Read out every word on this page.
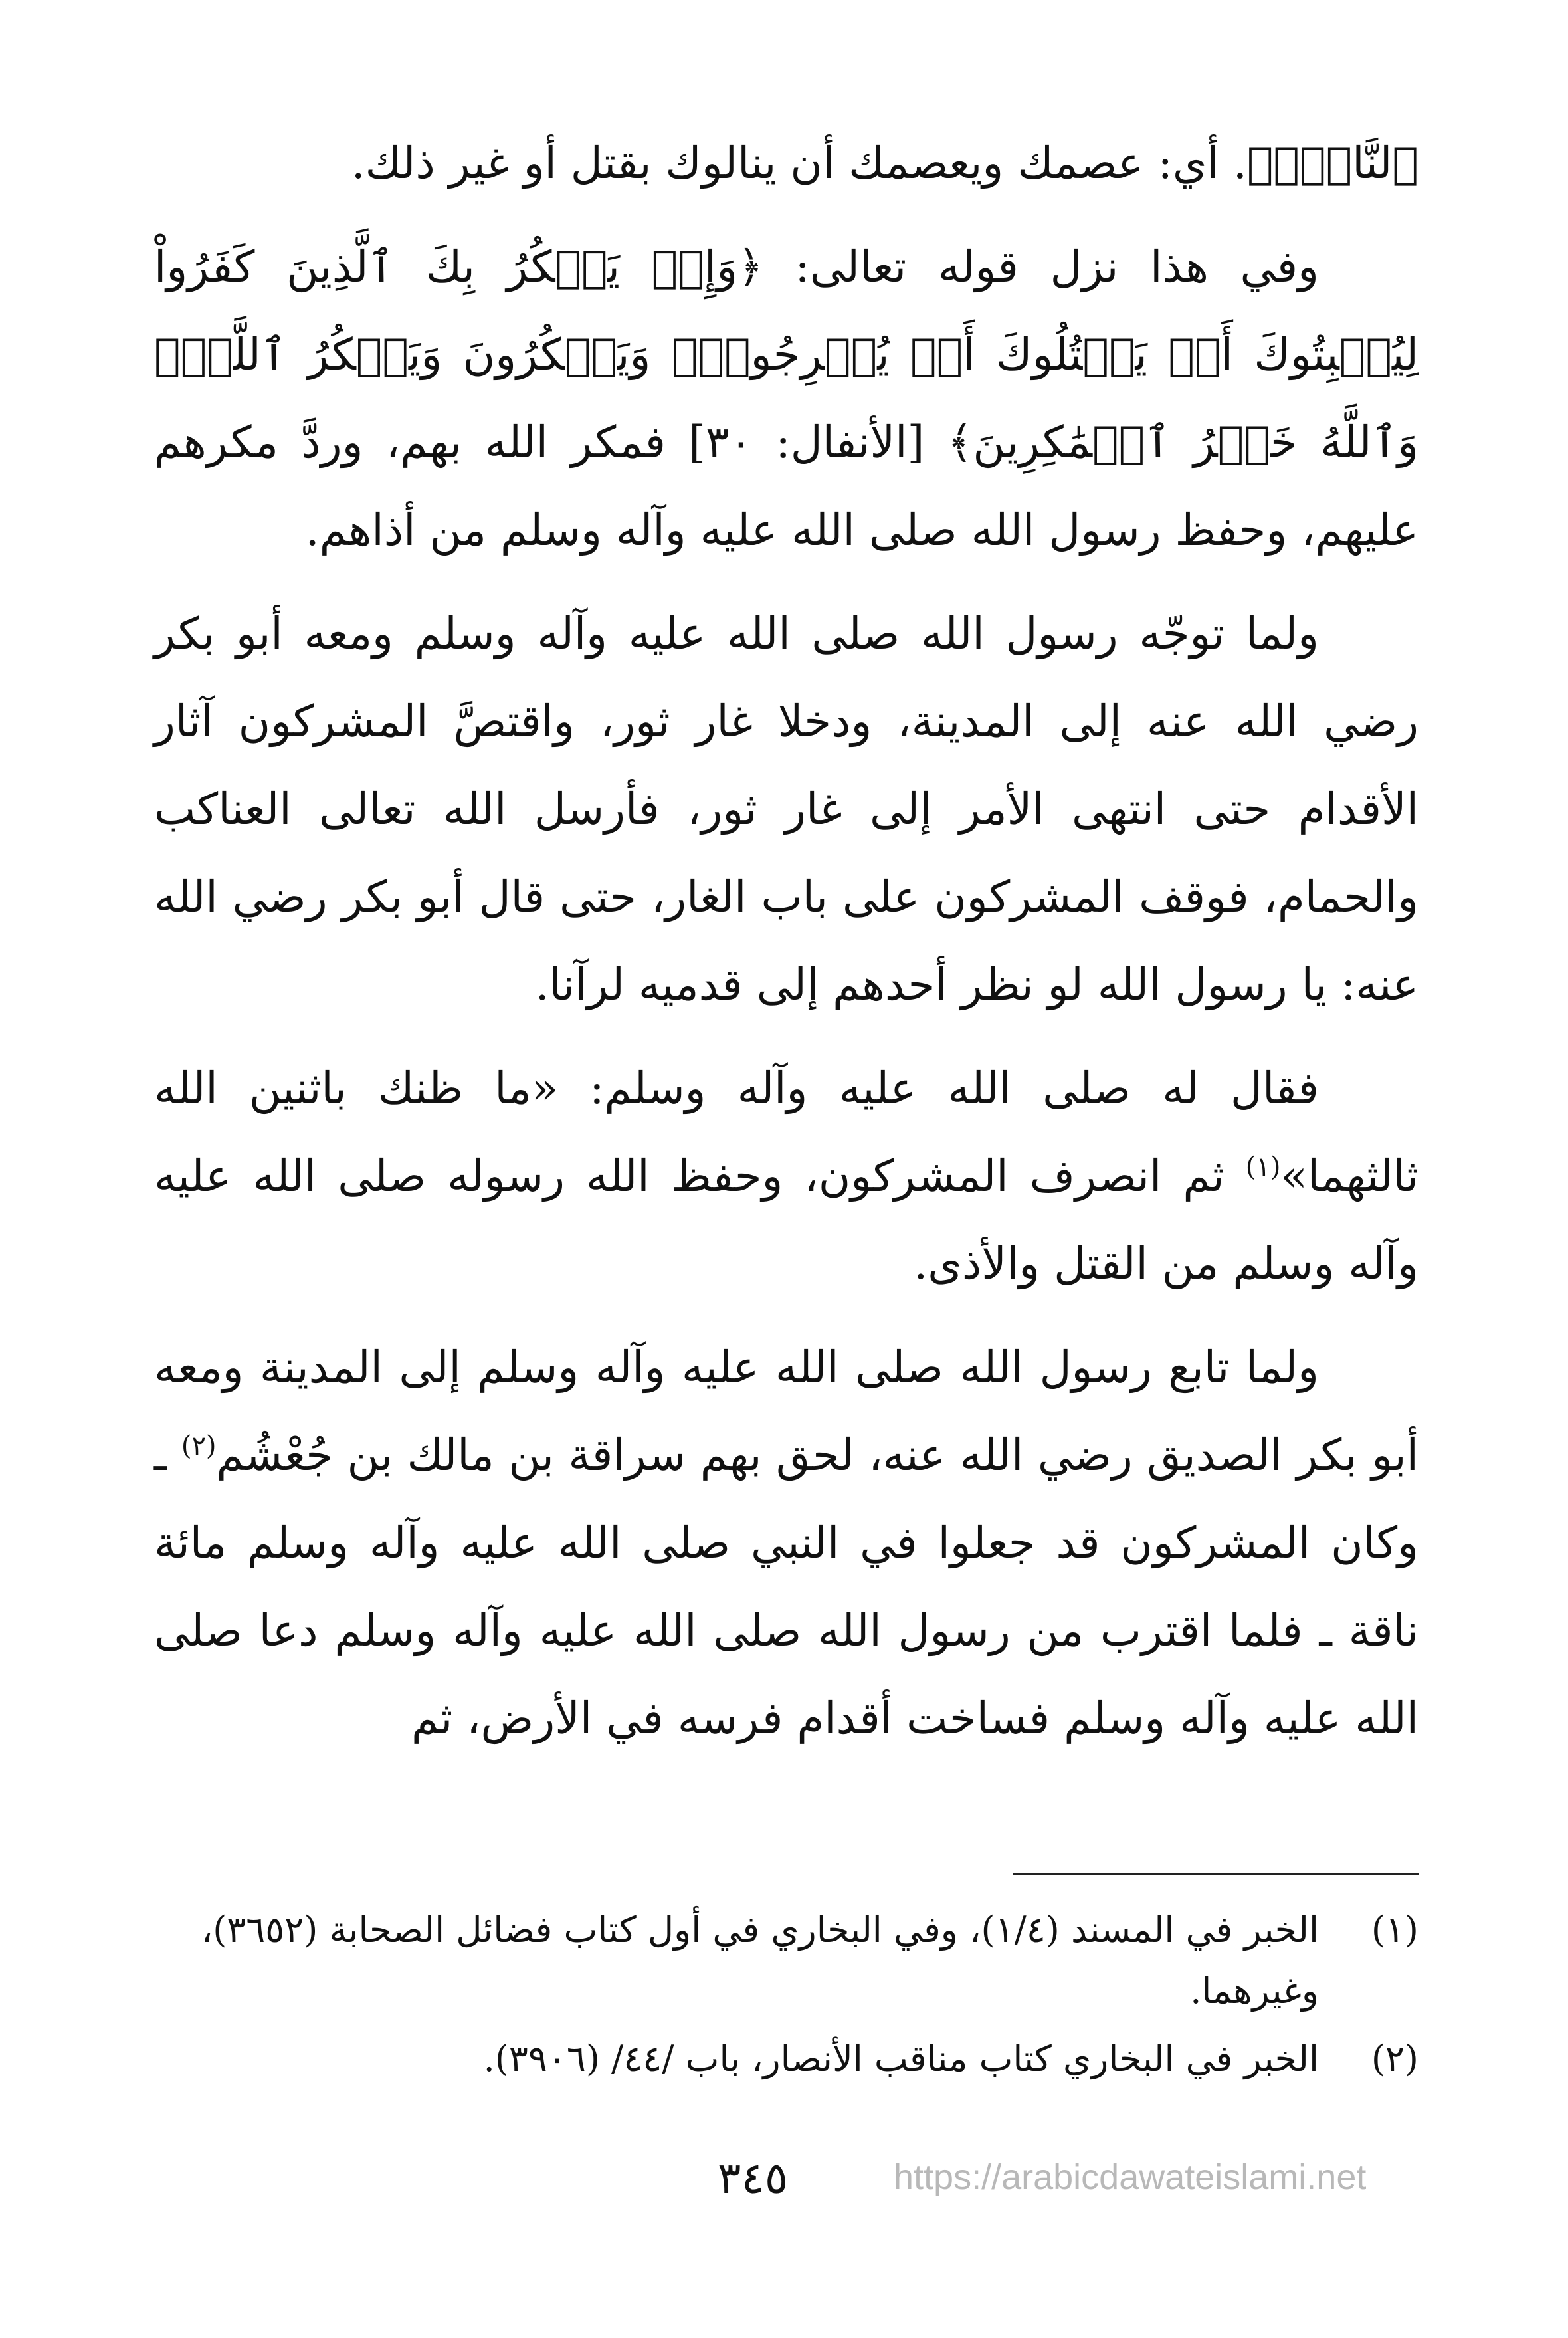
ٱلنَّاسِۗ﴾. أي: عصمك ويعصمك أن ينالوك بقتل أو غير ذلك.

وفي هذا نزل قوله تعالى: ﴿وَإِذۡ يَمۡكُرُ بِكَ ٱلَّذِينَ كَفَرُواْ لِيُثۡبِتُوكَ أَوۡ يَقۡتُلُوكَ أَوۡ يُخۡرِجُوكَۚ وَيَمۡكُرُونَ وَيَمۡكُرُ ٱللَّهُۖ وَٱللَّهُ خَيۡرُ ٱلۡمَٰكِرِينَ﴾ [الأنفال: ٣٠] فمكر الله بهم، وردَّ مكرهم عليهم، وحفظ رسول الله صلى الله عليه وآله وسلم من أذاهم.

ولما توجّه رسول الله صلى الله عليه وآله وسلم ومعه أبو بكر رضي الله عنه إلى المدينة، ودخلا غار ثور، واقتصَّ المشركون آثار الأقدام حتى انتهى الأمر إلى غار ثور، فأرسل الله تعالى العناكب والحمام، فوقف المشركون على باب الغار، حتى قال أبو بكر رضي الله عنه: يا رسول الله لو نظر أحدهم إلى قدميه لرآنا.

فقال له صلى الله عليه وآله وسلم: «ما ظنك باثنين الله ثالثهما»$^{(١)}$ ثم انصرف المشركون، وحفظ الله رسوله صلى الله عليه وآله وسلم من القتل والأذى.

ولما تابع رسول الله صلى الله عليه وآله وسلم إلى المدينة ومعه أبو بكر الصديق رضي الله عنه، لحق بهم سراقة بن مالك بن جُعْشُم$^{(٢)}$ ـ وكان المشركون قد جعلوا في النبي صلى الله عليه وآله وسلم مائة ناقة ـ فلما اقترب من رسول الله صلى الله عليه وآله وسلم دعا صلى الله عليه وآله وسلم فساخت أقدام فرسه في الأرض، ثم

(١)
الخبر في المسند (١/٤)، وفي البخاري في أول كتاب فضائل الصحابة (٣٦٥٢)، وغيرهما.
(٢)
الخبر في البخاري كتاب مناقب الأنصار، باب /٤٤/ (٣٩٠٦).
٣٤٥	https://arabicdawateislami.net
